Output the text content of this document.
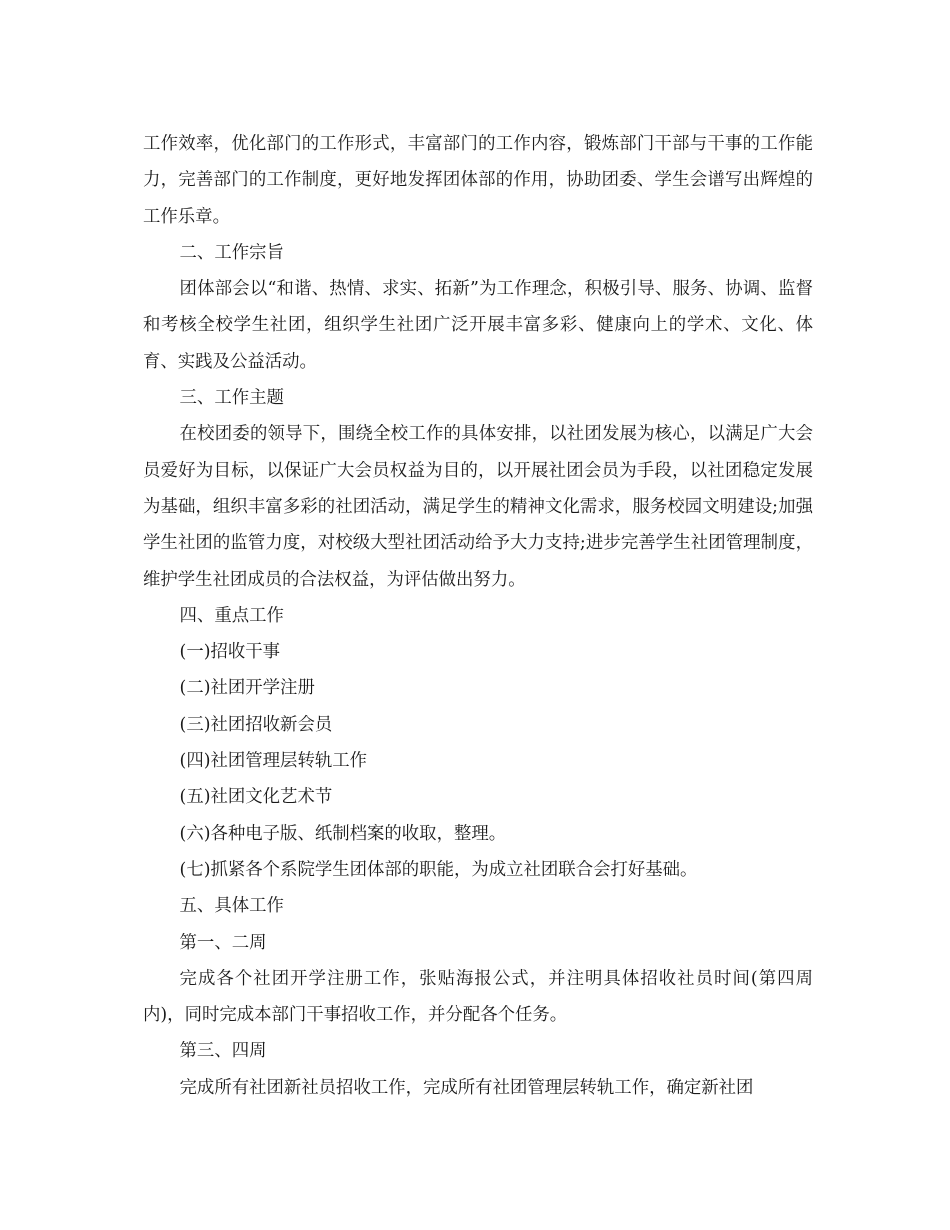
工作效率，优化部门的工作形式，丰富部门的工作内容，锻炼部门干部与干事的工作能力，完善部门的工作制度，更好地发挥团体部的作用，协助团委、学生会谱写出辉煌的工作乐章。

二、工作宗旨

团体部会以“和谐、热情、求实、拓新”为工作理念，积极引导、服务、协调、监督和考核全校学生社团，组织学生社团广泛开展丰富多彩、健康向上的学术、文化、体育、实践及公益活动。

三、工作主题

在校团委的领导下，围绕全校工作的具体安排，以社团发展为核心，以满足广大会员爱好为目标，以保证广大会员权益为目的，以开展社团会员为手段，以社团稳定发展为基础，组织丰富多彩的社团活动，满足学生的精神文化需求，服务校园文明建设;加强学生社团的监管力度，对校级大型社团活动给予大力支持;进步完善学生社团管理制度，维护学生社团成员的合法权益，为评估做出努力。

四、重点工作

(一)招收干事

(二)社团开学注册

(三)社团招收新会员

(四)社团管理层转轨工作

(五)社团文化艺术节

(六)各种电子版、纸制档案的收取，整理。

(七)抓紧各个系院学生团体部的职能，为成立社团联合会打好基础。

五、具体工作

第一、二周

完成各个社团开学注册工作，张贴海报公式，并注明具体招收社员时间(第四周内)，同时完成本部门干事招收工作，并分配各个任务。

第三、四周

完成所有社团新社员招收工作，完成所有社团管理层转轨工作，确定新社团
